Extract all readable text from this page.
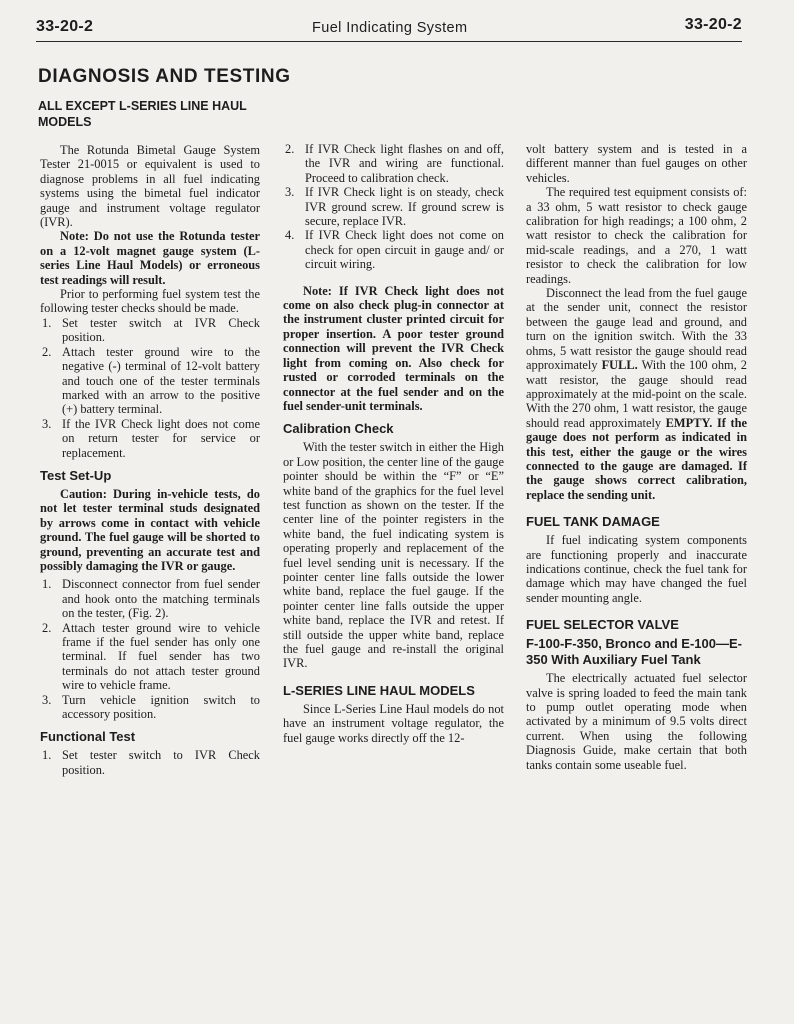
33-20-2	Fuel Indicating System	33-20-2
DIAGNOSIS AND TESTING
ALL EXCEPT L-SERIES LINE HAUL MODELS

The Rotunda Bimetal Gauge System Tester 21-0015 or equivalent is used to diagnose problems in all fuel indicating systems using the bimetal fuel indicator gauge and instrument voltage regulator (IVR).

Note: Do not use the Rotunda tester on a 12-volt magnet gauge system (L-series Line Haul Models) or erroneous test readings will result.

Prior to performing fuel system test the following tester checks should be made.

1. Set tester switch at IVR Check position.
2. Attach tester ground wire to the negative (-) terminal of 12-volt battery and touch one of the tester terminals marked with an arrow to the positive (+) battery terminal.
3. If the IVR Check light does not come on return tester for service or replacement.
Test Set-Up

Caution: During in-vehicle tests, do not let tester terminal studs designated by arrows come in contact with vehicle ground. The fuel gauge will be shorted to ground, preventing an accurate test and possibly damaging the IVR or gauge.

1. Disconnect connector from fuel sender and hook onto the matching terminals on the tester, (Fig. 2).
2. Attach tester ground wire to vehicle frame if the fuel sender has only one terminal. If fuel sender has two terminals do not attach tester ground wire to vehicle frame.
3. Turn vehicle ignition switch to accessory position.
Functional Test
1. Set tester switch to IVR Check position.
2. If IVR Check light flashes on and off, the IVR and wiring are functional. Proceed to calibration check.
3. If IVR Check light is on steady, check IVR ground screw. If ground screw is secure, replace IVR.
4. If IVR Check light does not come on check for open circuit in gauge and/ or circuit wiring.

Note: If IVR Check light does not come on also check plug-in connector at the instrument cluster printed circuit for proper insertion. A poor tester ground connection will prevent the IVR Check light from coming on. Also check for rusted or corroded terminals on the connector at the fuel sender and on the fuel sender-unit terminals.

Calibration Check

With the tester switch in either the High or Low position, the center line of the gauge pointer should be within the “F” or “E” white band of the graphics for the fuel level test function as shown on the tester. If the center line of the pointer registers in the white band, the fuel indicating system is operating properly and replacement of the fuel level sending unit is necessary. If the pointer center line falls outside the lower white band, replace the fuel gauge. If the pointer center line falls outside the upper white band, replace the IVR and retest. If still outside the upper white band, replace the fuel gauge and re-install the original IVR.

L-SERIES LINE HAUL MODELS

Since L-Series Line Haul models do not have an instrument voltage regulator, the fuel gauge works directly off the 12-

volt battery system and is tested in a different manner than fuel gauges on other vehicles.

The required test equipment consists of: a 33 ohm, 5 watt resistor to check gauge calibration for high readings; a 100 ohm, 2 watt resistor to check the calibration for mid-scale readings, and a 270, 1 watt resistor to check the calibration for low readings.

Disconnect the lead from the fuel gauge at the sender unit, connect the resistor between the gauge lead and ground, and turn on the ignition switch. With the 33 ohms, 5 watt resistor the gauge should read approximately FULL. With the 100 ohm, 2 watt resistor, the gauge should read approximately at the mid-point on the scale. With the 270 ohm, 1 watt resistor, the gauge should read approximately EMPTY. If the gauge does not perform as indicated in this test, either the gauge or the wires connected to the gauge are damaged. If the gauge shows correct calibration, replace the sending unit.

FUEL TANK DAMAGE

If fuel indicating system components are functioning properly and inaccurate indications continue, check the fuel tank for damage which may have changed the fuel sender mounting angle.

FUEL SELECTOR VALVE
F-100-F-350, Bronco and E-100—E-350 With Auxiliary Fuel Tank

The electrically actuated fuel selector valve is spring loaded to feed the main tank to pump outlet operating mode when activated by a minimum of 9.5 volts direct current. When using the following Diagnosis Guide, make certain that both tanks contain some useable fuel.
